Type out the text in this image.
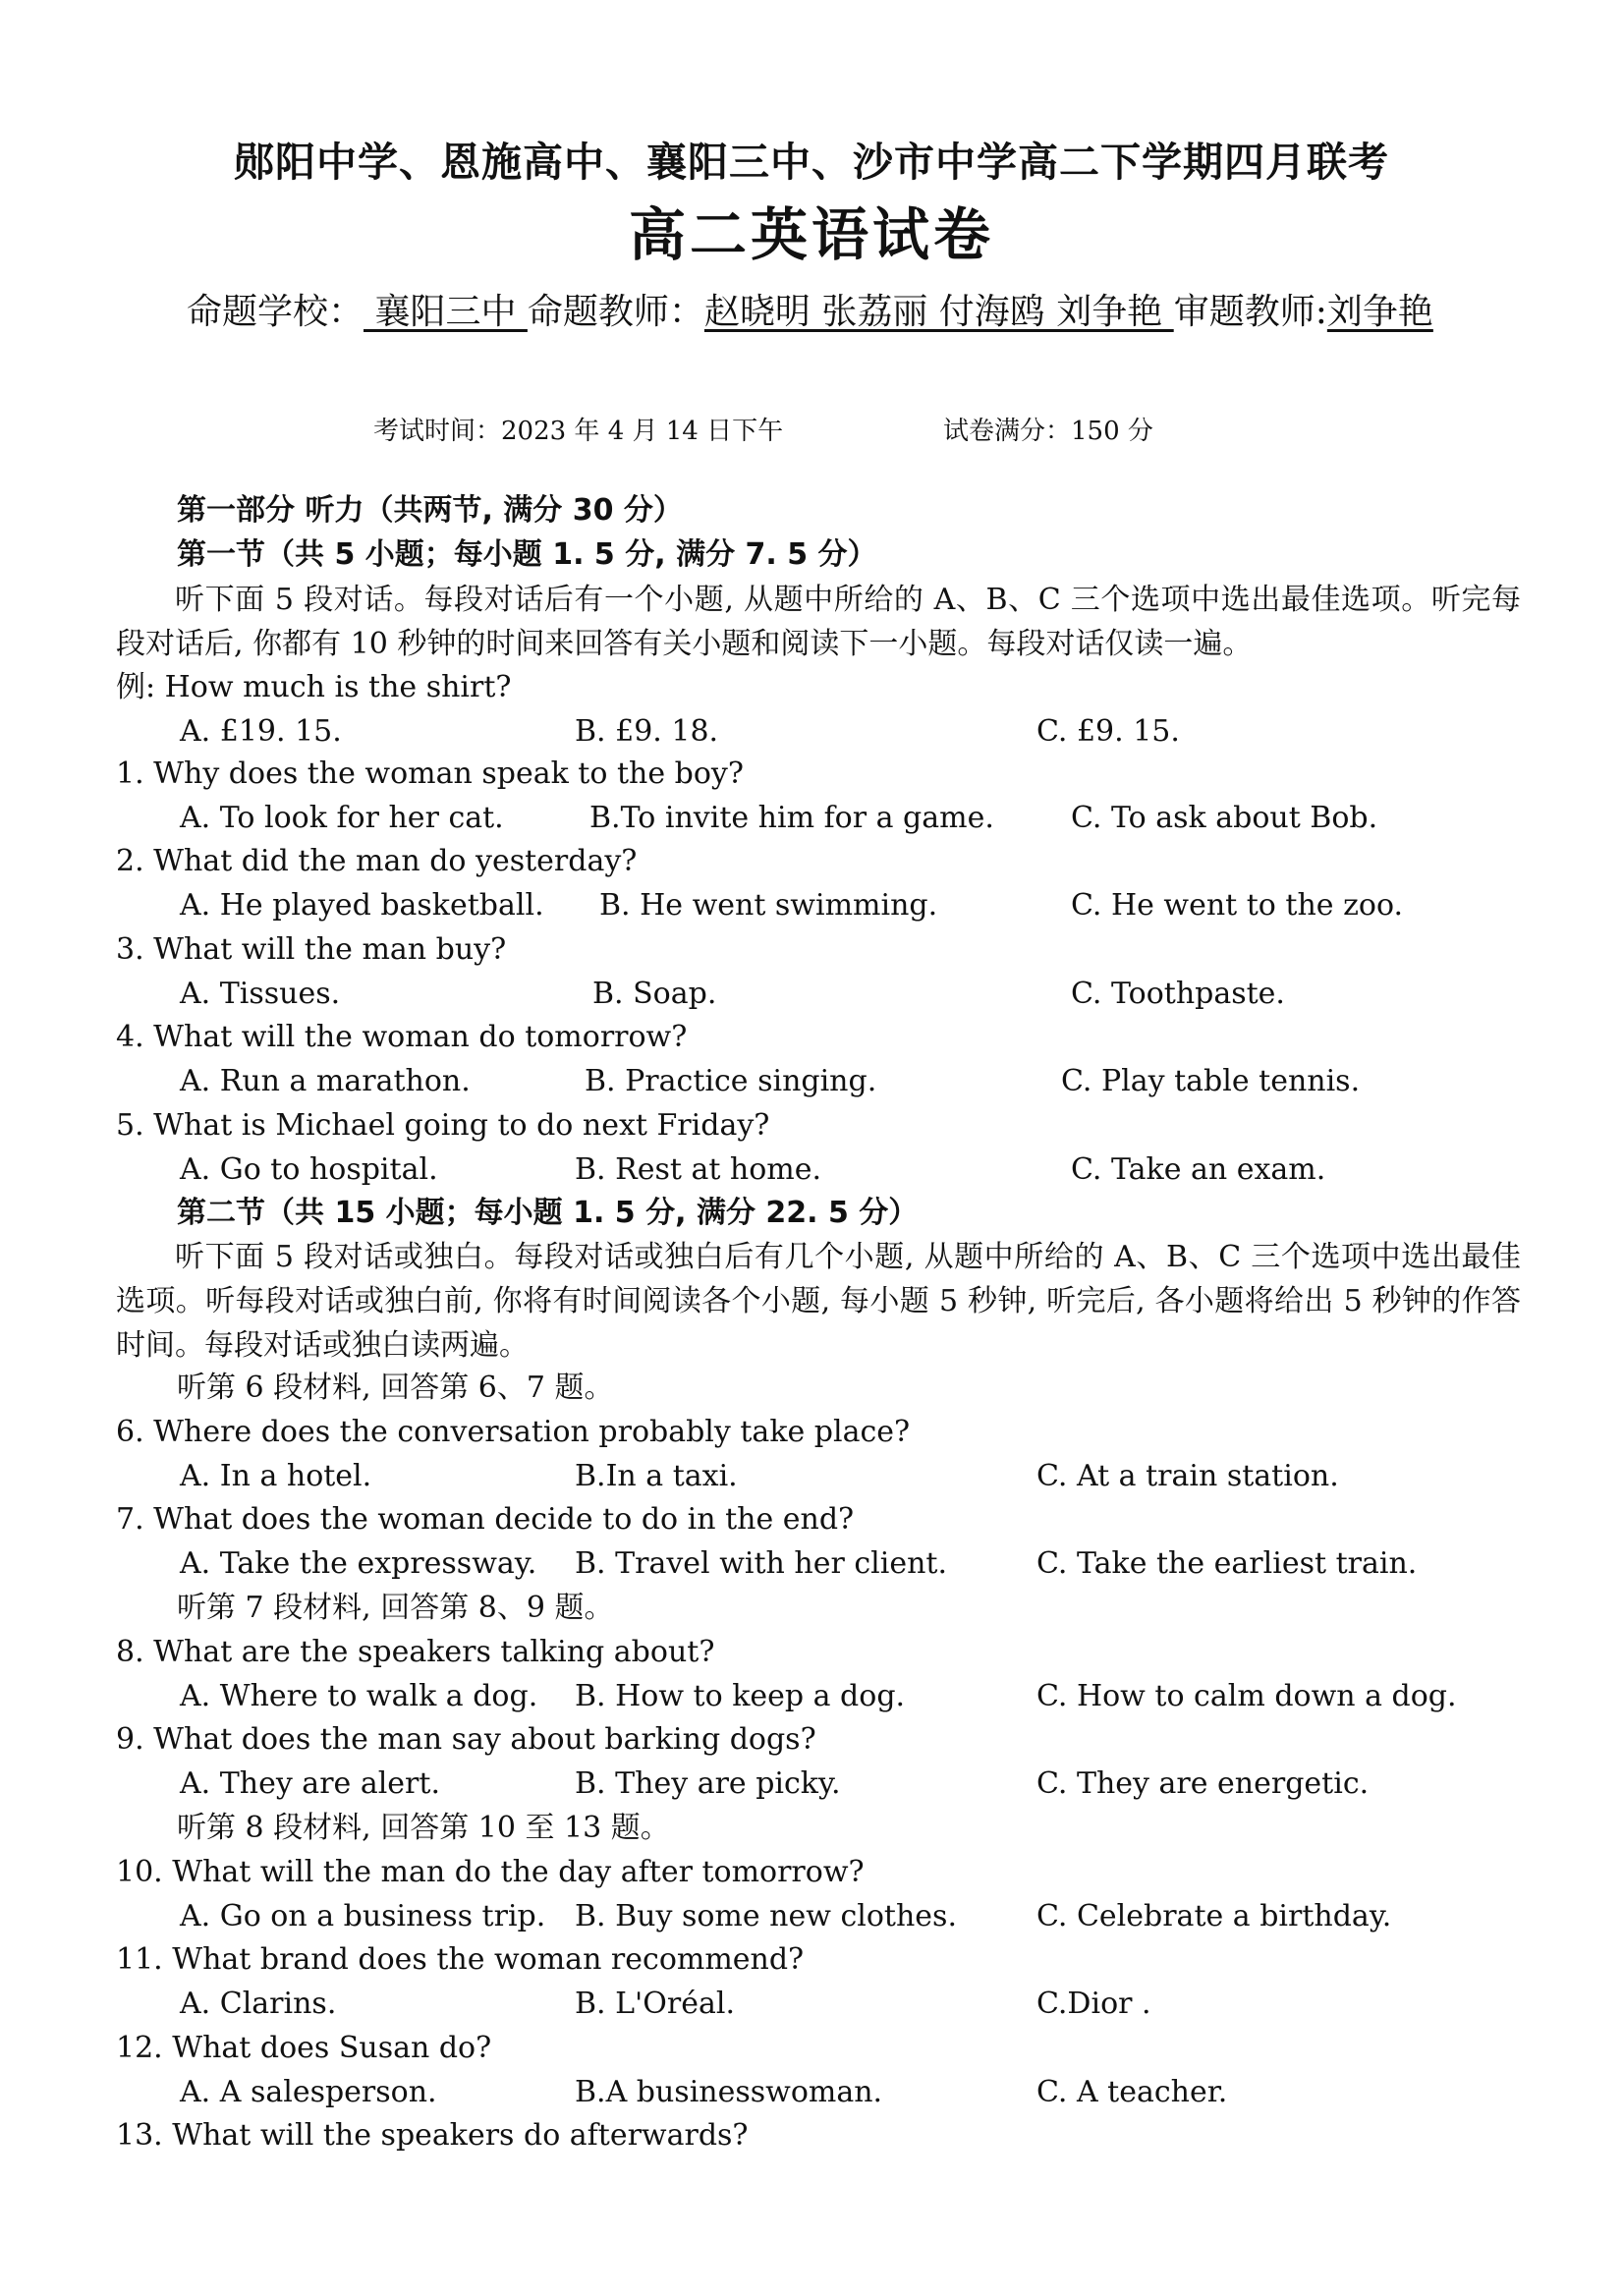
郧阳中学、恩施高中、襄阳三中、沙市中学高二下学期四月联考
高二英语试卷
命题学校： 襄阳三中 命题教师：赵晓明 张荔丽 付海鸥 刘争艳 审题教师:刘争艳
考试时间：2023 年 4 月 14 日下午	试卷满分：150 分
第一部分 听力（共两节, 满分 30 分）
第一节（共 5 小题；每小题 1. 5 分, 满分 7. 5 分）
听下面 5 段对话。每段对话后有一个小题, 从题中所给的 A、B、C 三个选项中选出最佳选项。听完每段对话后, 你都有 10 秒钟的时间来回答有关小题和阅读下一小题。每段对话仅读一遍。
例: How much is the shirt?
A. £19. 15.	B. £9. 18.	C. £9. 15.
1. Why does the woman speak to the boy?
A. To look for her cat.	B.To invite him for a game.	C. To ask about Bob.
2. What did the man do yesterday?
A. He played basketball. B. He went swimming.	C. He went to the zoo.
3. What will the man buy?
A. Tissues.	B. Soap.	C. Toothpaste.
4. What will the woman do tomorrow?
A. Run a marathon.	B. Practice singing.	C. Play table tennis.
5. What is Michael going to do next Friday?
A. Go to hospital.	B. Rest at home.	C. Take an exam.
第二节（共 15 小题；每小题 1. 5 分, 满分 22. 5 分）
听下面 5 段对话或独白。每段对话或独白后有几个小题, 从题中所给的 A、B、C 三个选项中选出最佳选项。听每段对话或独白前, 你将有时间阅读各个小题, 每小题 5 秒钟, 听完后, 各小题将给出 5 秒钟的作答时间。每段对话或独白读两遍。
听第 6 段材料, 回答第 6、7 题。
6. Where does the conversation probably take place?
A. In a hotel.	B.In a taxi.	C. At a train station.
7. What does the woman decide to do in the end?
A. Take the expressway. B. Travel with her client.	C. Take the earliest train.
听第 7 段材料, 回答第 8、9 题。
8. What are the speakers talking about?
A. Where to walk a dog. B. How to keep a dog.	C. How to calm down a dog.
9. What does the man say about barking dogs?
A. They are alert.	B. They are picky.	C. They are energetic.
听第 8 段材料, 回答第 10 至 13 题。
10. What will the man do the day after tomorrow?
A. Go on a business trip. B. Buy some new clothes.	C. Celebrate a birthday.
11. What brand does the woman recommend?
A. Clarins.	B. L'Oréal.	C.Dior .
12. What does Susan do?
A. A salesperson.	B.A businesswoman.	C. A teacher.
13. What will the speakers do afterwards?
